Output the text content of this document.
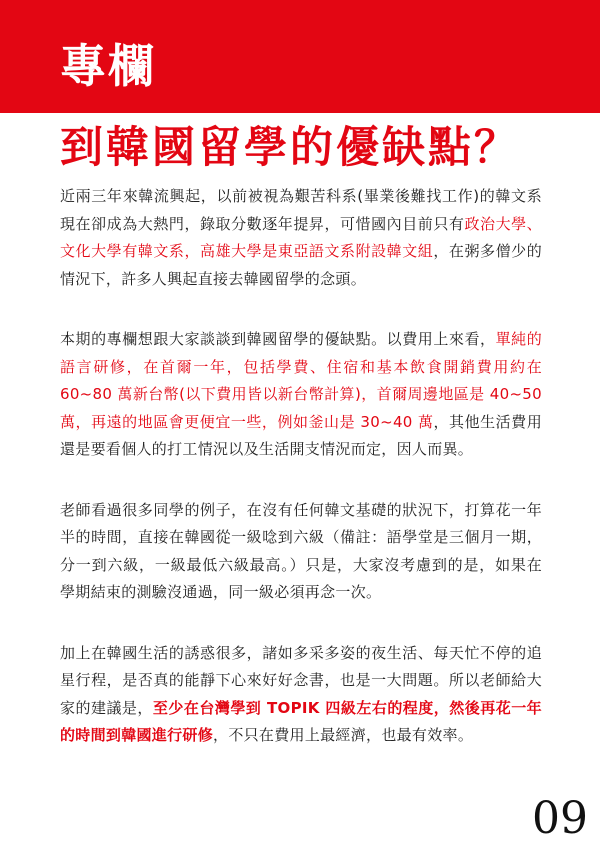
專欄
到韓國留學的優缺點？

近兩三年來韓流興起，以前被視為艱苦科系(畢業後難找工作)的韓文系現在卻成為大熱門，錄取分數逐年提昇，可惜國內目前只有政治大學、文化大學有韓文系，高雄大學是東亞語文系附設韓文組，在粥多僧少的情況下，許多人興起直接去韓國留學的念頭。

本期的專欄想跟大家談談到韓國留學的優缺點。以費用上來看，單純的語言研修，在首爾一年，包括學費、住宿和基本飲食開銷費用約在 60~80 萬新台幣(以下費用皆以新台幣計算)，首爾周邊地區是 40~50 萬，再遠的地區會更便宜一些，例如釜山是 30~40 萬，其他生活費用還是要看個人的打工情況以及生活開支情況而定，因人而異。

老師看過很多同學的例子，在沒有任何韓文基礎的狀況下，打算花一年半的時間，直接在韓國從一級唸到六級（備註：語學堂是三個月一期，分一到六級，一級最低六級最高。）只是，大家沒考慮到的是，如果在學期結束的測驗沒通過，同一級必須再念一次。

加上在韓國生活的誘惑很多，諸如多采多姿的夜生活、每天忙不停的追星行程，是否真的能靜下心來好好念書，也是一大問題。所以老師給大家的建議是，至少在台灣學到 TOPIK 四級左右的程度，然後再花一年的時間到韓國進行研修，不只在費用上最經濟，也最有效率。

09
